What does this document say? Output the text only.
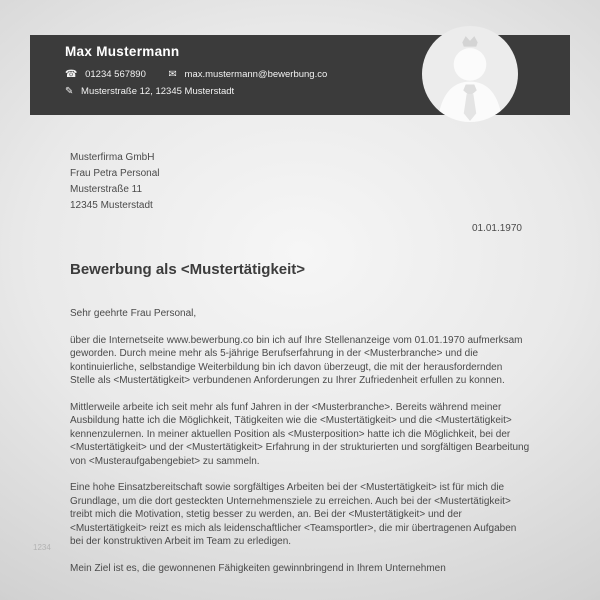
Max Mustermann
☎ 01234 567890 ✉ max.mustermann@bewerbung.co
✎ Musterstraße 12, 12345 Musterstadt
Musterfirma GmbH
Frau Petra Personal
Musterstraße 11
12345 Musterstadt
01.01.1970
Bewerbung als <Mustertätigkeit>

Sehr geehrte Frau Personal,

über die Internetseite www.bewerbung.co bin ich auf Ihre Stellenanzeige vom 01.01.1970 aufmerksam geworden. Durch meine mehr als 5-jährige Berufserfahrung in der <Musterbranche> und die kontinuierliche, selbstandige Weiterbildung bin ich davon überzeugt, die mit der herausfordernden Stelle als <Mustertätigkeit> verbundenen Anforderungen zu Ihrer Zufriedenheit erfullen zu konnen.

Mittlerweile arbeite ich seit mehr als funf Jahren in der <Musterbranche>. Bereits während meiner Ausbildung hatte ich die Möglichkeit, Tätigkeiten wie die <Mustertätigkeit> und die <Mustertätigkeit> kennenzulernen. In meiner aktuellen Position als <Musterposition> hatte ich die Möglichkeit, bei der <Mustertätigkeit> und der <Mustertätigkeit> Erfahrung in der strukturierten und sorgfältigen Bearbeitung von <Musteraufgabengebiet> zu sammeln.

Eine hohe Einsatzbereitschaft sowie sorgfältiges Arbeiten bei der <Mustertätigkeit> ist für mich die Grundlage, um die dort gesteckten Unternehmensziele zu erreichen. Auch bei der <Mustertätigkeit> treibt mich die Motivation, stetig besser zu werden, an. Bei der <Mustertätigkeit> und der <Mustertätigkeit> reizt es mich als leidenschaftlicher <Teamsportler>, die mir übertragenen Aufgaben bei der konstruktiven Arbeit im Team zu erledigen.

Mein Ziel ist es, die gewonnenen Fähigkeiten gewinnbringend in Ihrem Unternehmen

1234
